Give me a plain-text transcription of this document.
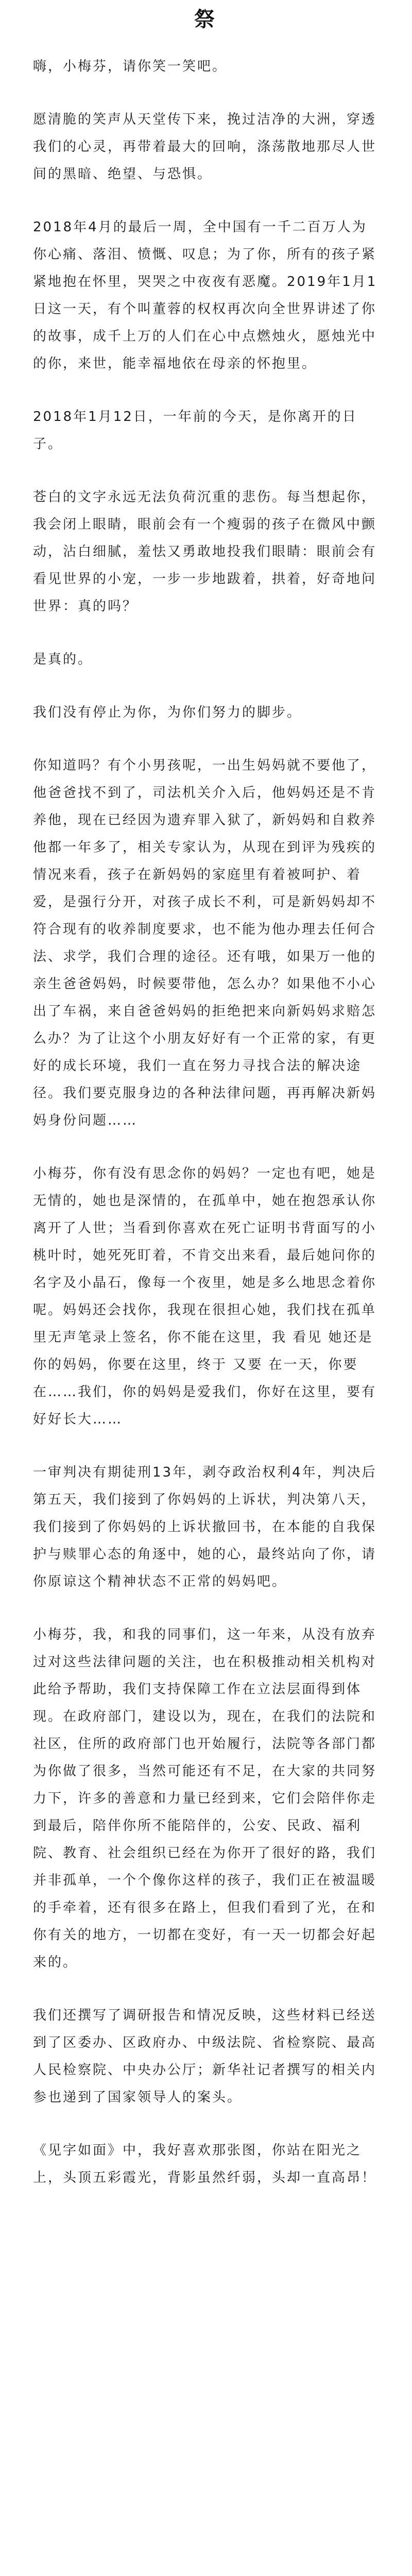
祭
嗨，小梅芬，请你笑一笑吧。
愿清脆的笑声从天堂传下来，挽过洁净的大洲，穿透我们的心灵，再带着最大的回响，涤荡散地那尽人世间的黑暗、绝望、与恐惧。
2018年4月的最后一周，全中国有一千二百万人为你心痛、落泪、愤慨、叹息；为了你，所有的孩子紧紧地抱在怀里，哭哭之中夜夜有恶魔。2019年1月1日这一天，有个叫董蓉的权权再次向全世界讲述了你的故事，成千上万的人们在心中点燃烛火，愿烛光中的你，来世，能幸福地依在母亲的怀抱里。
2018年1月12日，一年前的今天，是你离开的日子。
苍白的文字永远无法负荷沉重的悲伤。每当想起你，我会闭上眼睛，眼前会有一个瘦弱的孩子在微风中颤动，沾白细腻，羞怯又勇敢地投我们眼睛：眼前会有看见世界的小宠，一步一步地跋着，拱着，好奇地问世界：真的吗？
是真的。
我们没有停止为你，为你们努力的脚步。
你知道吗？有个小男孩呢，一出生妈妈就不要他了，他爸爸找不到了，司法机关介入后，他妈妈还是不肯养他，现在已经因为遗弃罪入狱了，新妈妈和自救养他都一年多了，相关专家认为，从现在到评为残疾的情况来看，孩子在新妈妈的家庭里有着被呵护、着爱，是强行分开，对孩子成长不利，可是新妈妈却不符合现有的收养制度要求，也不能为他办理去任何合法、求学，我们合理的途径。还有哦，如果万一他的亲生爸爸妈妈，时候要带他，怎么办？如果他不小心出了车祸，来自爸爸妈妈的拒绝把来向新妈妈求赔怎么办？为了让这个小朋友好好有一个正常的家，有更好的成长环境，我们一直在努力寻找合法的解决途径。我们要克服身边的各种法律问题，再再解决新妈妈身份问题……
小梅芬，你有没有思念你的妈妈？一定也有吧，她是无情的，她也是深情的，在孤单中，她在抱怨承认你离开了人世；当看到你喜欢在死亡证明书背面写的小桃叶时，她死死盯着，不肯交出来看，最后她问你的名字及小晶石，像每一个夜里，她是多么地思念着你呢。妈妈还会找你，我现在很担心她，我们找在孤单里无声笔录上签名，你不能在这里，我 看见 她还是你的妈妈，你要在这里，终于 又要 在一天，你要在……我们，你的妈妈是爱我们，你好在这里，要有好好长大……
一审判决有期徒刑13年，剥夺政治权利4年，判决后第五天，我们接到了你妈妈的上诉状，判决第八天，我们接到了你妈妈的上诉状撤回书，在本能的自我保护与赎罪心态的角逐中，她的心，最终站向了你，请你原谅这个精神状态不正常的妈妈吧。
小梅芬，我，和我的同事们，这一年来，从没有放弃过对这些法律问题的关注，也在积极推动相关机构对此给予帮助，我们支持保障工作在立法层面得到体现。在政府部门，建设以为，现在，在我们的法院和社区，住所的政府部门也开始履行，法院等各部门都为你做了很多，当然可能还有不足，在大家的共同努力下，许多的善意和力量已经到来，它们会陪伴你走到最后，陪伴你所不能陪伴的，公安、民政、福利院、教育、社会组织已经在为你开了很好的路，我们并非孤单，一个个像你这样的孩子，我们正在被温暖的手牵着，还有很多在路上，但我们看到了光，在和你有关的地方，一切都在变好，有一天一切都会好起来的。
我们还撰写了调研报告和情况反映，这些材料已经送到了区委办、区政府办、中级法院、省检察院、最高人民检察院、中央办公厅；新华社记者撰写的相关内参也递到了国家领导人的案头。
《见字如面》中，我好喜欢那张图，你站在阳光之上，头顶五彩霞光，背影虽然纤弱，头却一直高昂！
